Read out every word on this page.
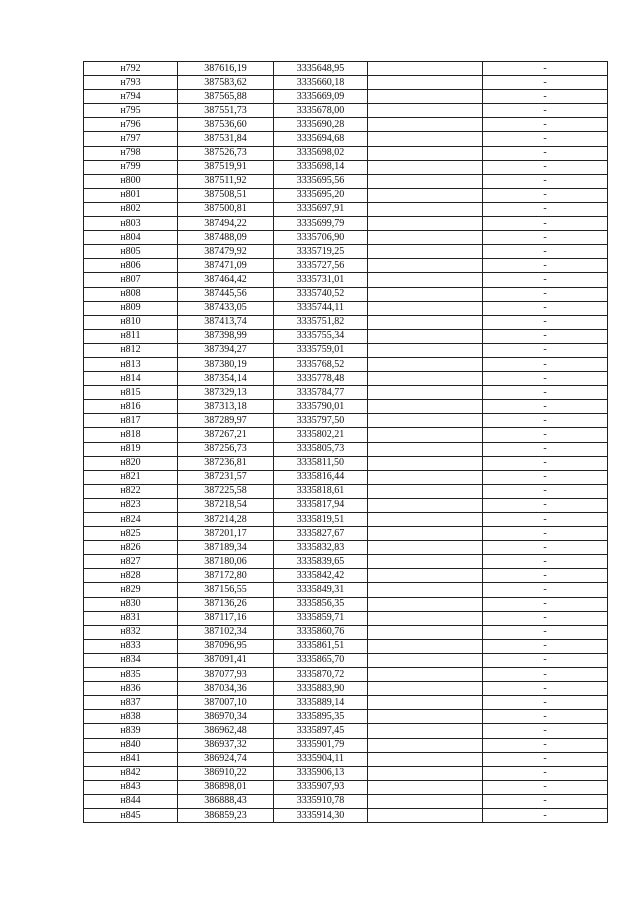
н792	387616,19	3335648,95		-
н793	387583,62	3335660,18		-
н794	387565,88	3335669,09		-
н795	387551,73	3335678,00		-
н796	387536,60	3335690,28		-
н797	387531,84	3335694,68		-
н798	387526,73	3335698,02		-
н799	387519,91	3335698,14		-
н800	387511,92	3335695,56		-
н801	387508,51	3335695,20		-
н802	387500,81	3335697,91		-
н803	387494,22	3335699,79		-
н804	387488,09	3335706,90		-
н805	387479,92	3335719,25		-
н806	387471,09	3335727,56		-
н807	387464,42	3335731,01		-
н808	387445,56	3335740,52		-
н809	387433,05	3335744,11		-
н810	387413,74	3335751,82		-
н811	387398,99	3335755,34		-
н812	387394,27	3335759,01		-
н813	387380,19	3335768,52		-
н814	387354,14	3335778,48		-
н815	387329,13	3335784,77		-
н816	387313,18	3335790,01		-
н817	387289,97	3335797,50		-
н818	387267,21	3335802,21		-
н819	387256,73	3335805,73		-
н820	387236,81	3335811,50		-
н821	387231,57	3335816,44		-
н822	387225,58	3335818,61		-
н823	387218,54	3335817,94		-
н824	387214,28	3335819,51		-
н825	387201,17	3335827,67		-
н826	387189,34	3335832,83		-
н827	387180,06	3335839,65		-
н828	387172,80	3335842,42		-
н829	387156,55	3335849,31		-
н830	387136,26	3335856,35		-
н831	387117,16	3335859,71		-
н832	387102,34	3335860,76		-
н833	387096,95	3335861,51		-
н834	387091,41	3335865,70		-
н835	387077,93	3335870,72		-
н836	387034,36	3335883,90		-
н837	387007,10	3335889,14		-
н838	386970,34	3335895,35		-
н839	386962,48	3335897,45		-
н840	386937,32	3335901,79		-
н841	386924,74	3335904,11		-
н842	386910,22	3335906,13		-
н843	386898,01	3335907,93		-
н844	386888,43	3335910,78		-
н845	386859,23	3335914,30		-
